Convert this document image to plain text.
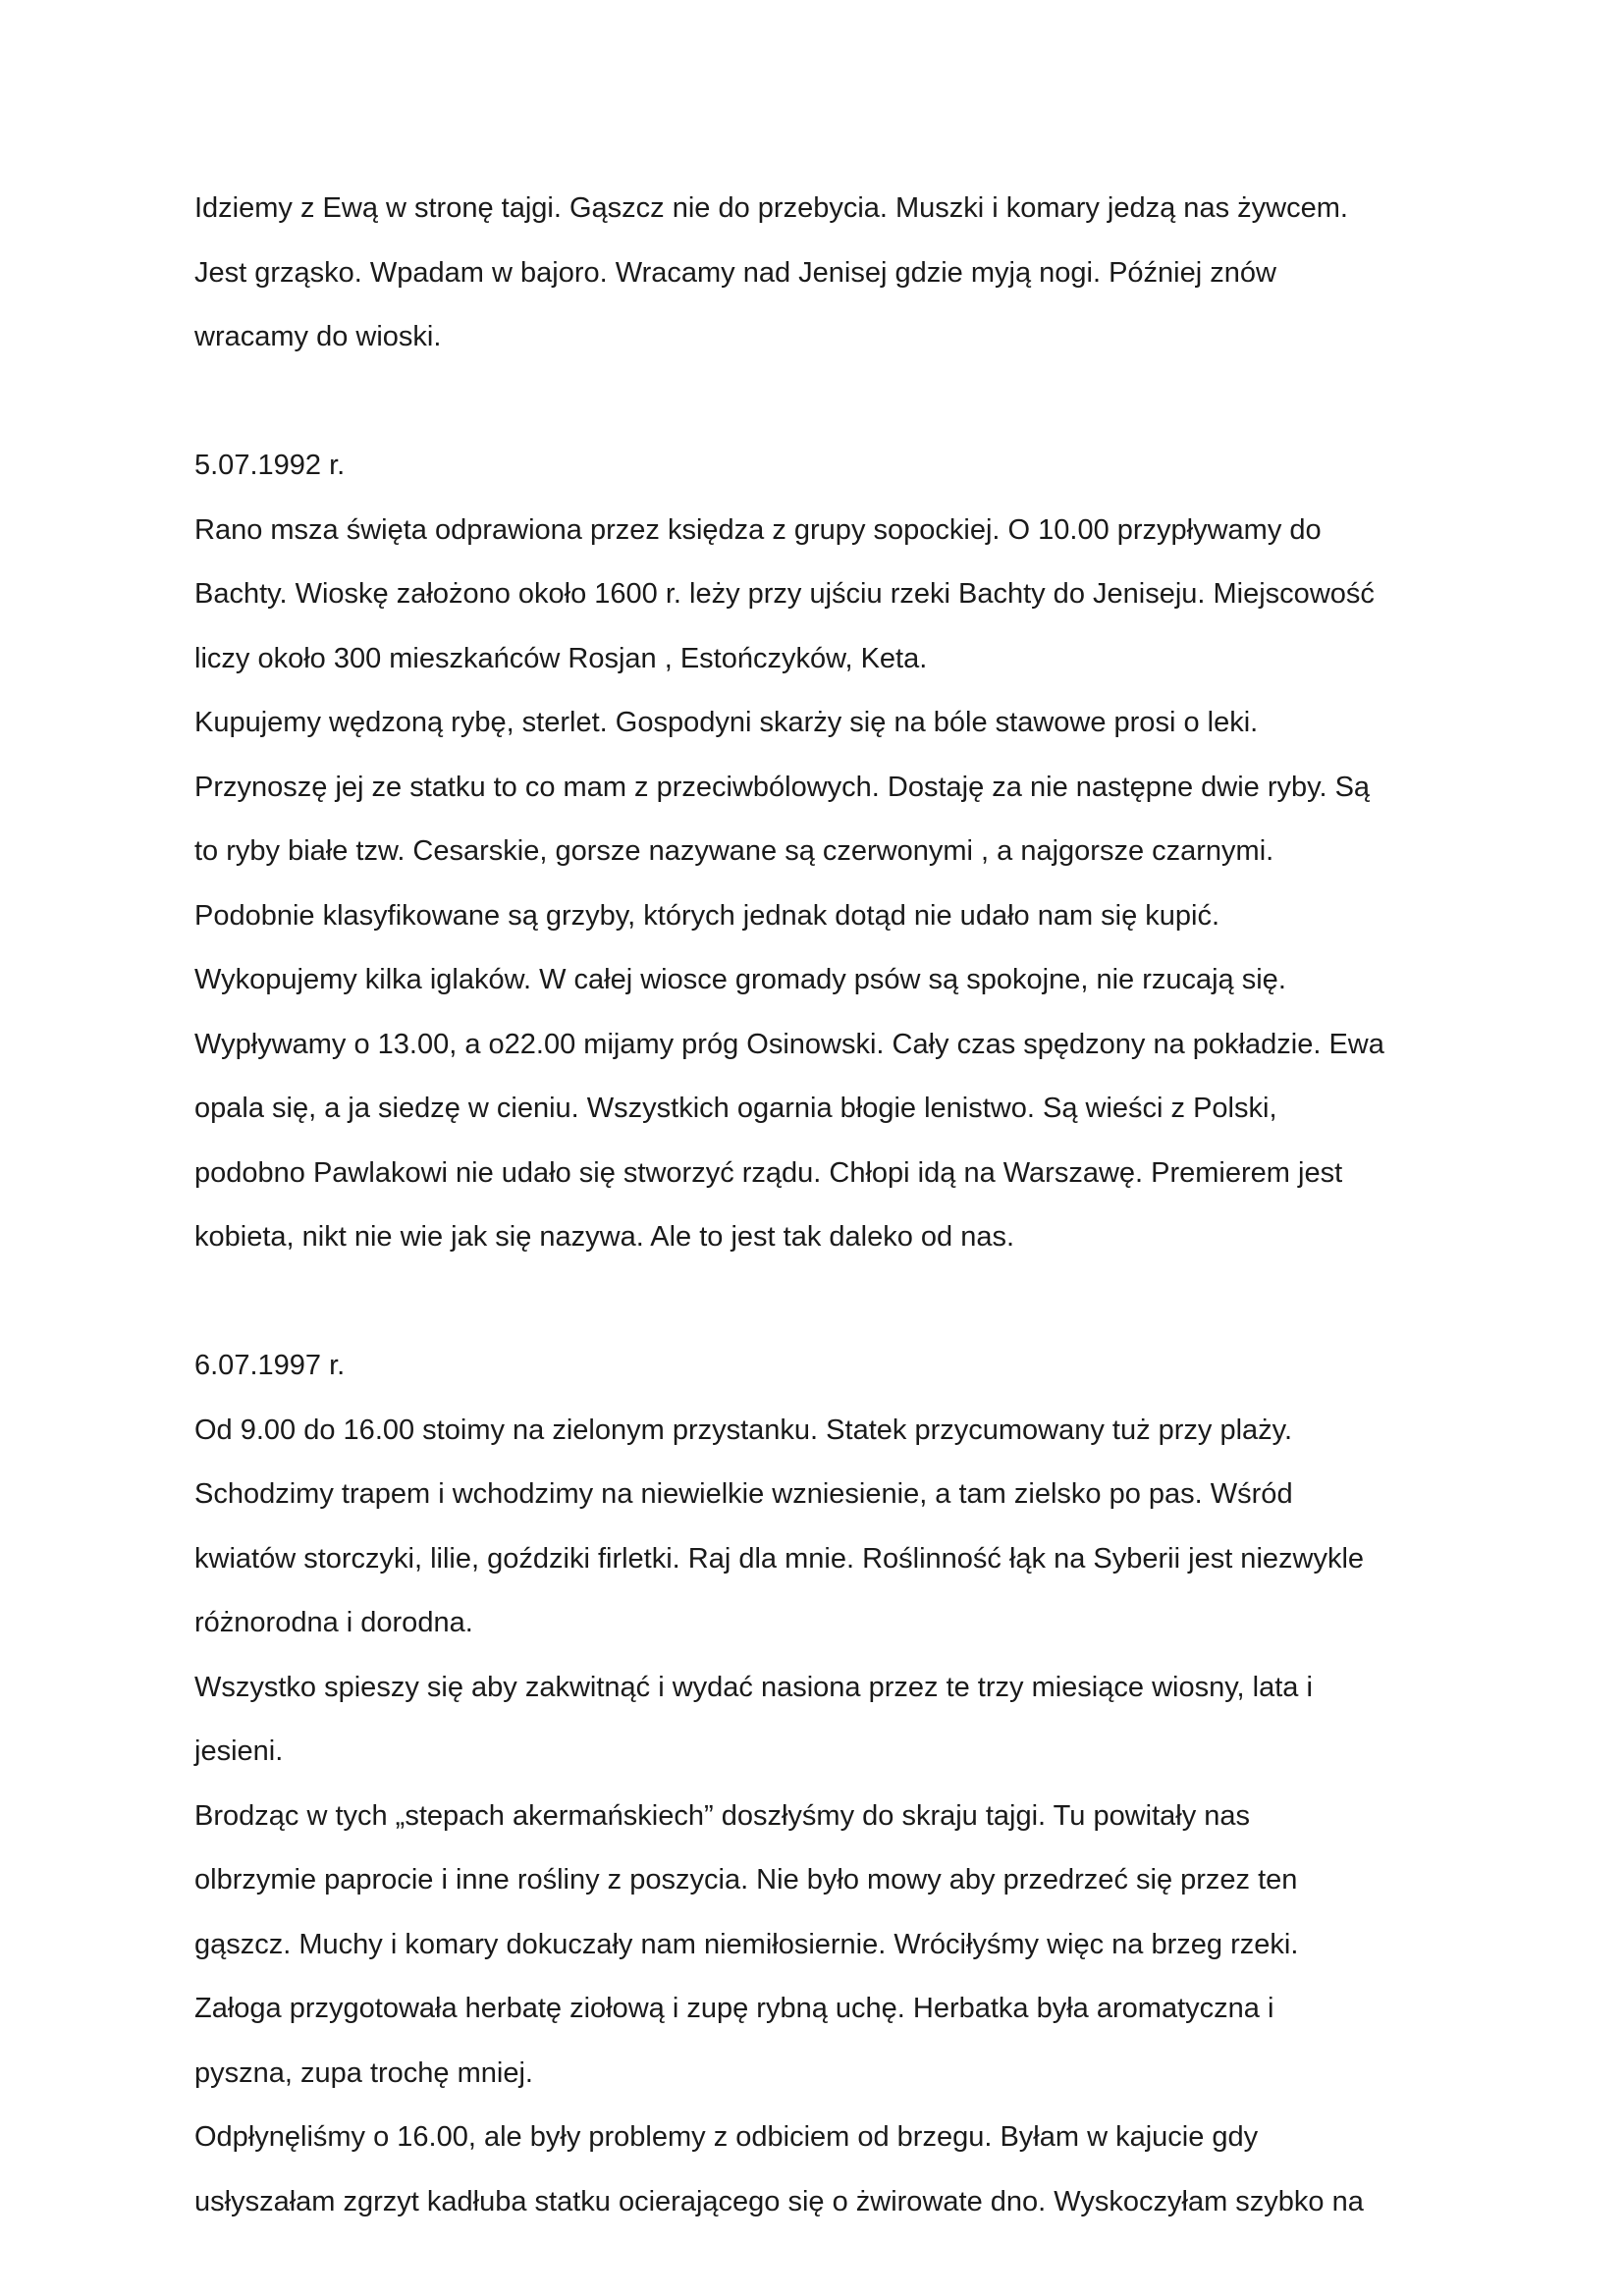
Idziemy z Ewą w stronę tajgi. Gąszcz nie do przebycia. Muszki i komary jedzą nas żywcem.
Jest grząsko. Wpadam w bajoro. Wracamy nad Jenisej gdzie myją nogi. Później znów
wracamy do wioski.
5.07.1992 r.
Rano msza święta odprawiona przez księdza z grupy sopockiej. O 10.00 przypływamy do
Bachty. Wioskę założono około 1600 r. leży przy ujściu rzeki Bachty do Jeniseju. Miejscowość
liczy około 300 mieszkańców Rosjan , Estończyków, Keta.
Kupujemy wędzoną rybę, sterlet. Gospodyni skarży się na bóle stawowe prosi o leki.
Przynoszę jej ze statku to co mam z przeciwbólowych. Dostaję za nie następne dwie ryby. Są
to ryby białe tzw. Cesarskie, gorsze nazywane są czerwonymi , a najgorsze czarnymi.
Podobnie klasyfikowane są grzyby, których jednak dotąd nie udało nam się kupić.
Wykopujemy kilka iglaków. W całej wiosce gromady psów są spokojne, nie rzucają się.
Wypływamy o 13.00, a o22.00 mijamy próg Osinowski. Cały czas spędzony na pokładzie. Ewa
opala się, a ja siedzę w cieniu. Wszystkich ogarnia błogie lenistwo. Są wieści z Polski,
podobno Pawlakowi nie udało się stworzyć rządu. Chłopi idą na Warszawę. Premierem jest
kobieta, nikt nie wie jak się nazywa. Ale to jest tak daleko od nas.
6.07.1997 r.
Od 9.00 do 16.00 stoimy na zielonym przystanku. Statek przycumowany tuż przy plaży.
Schodzimy trapem i wchodzimy na niewielkie wzniesienie, a tam zielsko po pas. Wśród
kwiatów storczyki, lilie, goździki firletki. Raj dla mnie. Roślinność łąk na Syberii jest niezwykle
różnorodna i dorodna.
Wszystko spieszy się aby zakwitnąć i wydać nasiona przez te trzy miesiące wiosny, lata i
jesieni.
Brodząc w tych „stepach akermańskiech” doszłyśmy do skraju tajgi. Tu powitały nas
olbrzymie paprocie i inne rośliny z poszycia. Nie było mowy aby przedrzeć się przez ten
gąszcz. Muchy i komary dokuczały nam niemiłosiernie. Wróciłyśmy więc na brzeg rzeki.
Załoga przygotowała herbatę ziołową i zupę rybną uchę. Herbatka była aromatyczna i
pyszna, zupa trochę mniej.
Odpłynęliśmy o 16.00, ale były problemy z odbiciem od brzegu. Byłam w kajucie gdy
usłyszałam zgrzyt kadłuba statku ocierającego się o żwirowate dno. Wyskoczyłam szybko na
